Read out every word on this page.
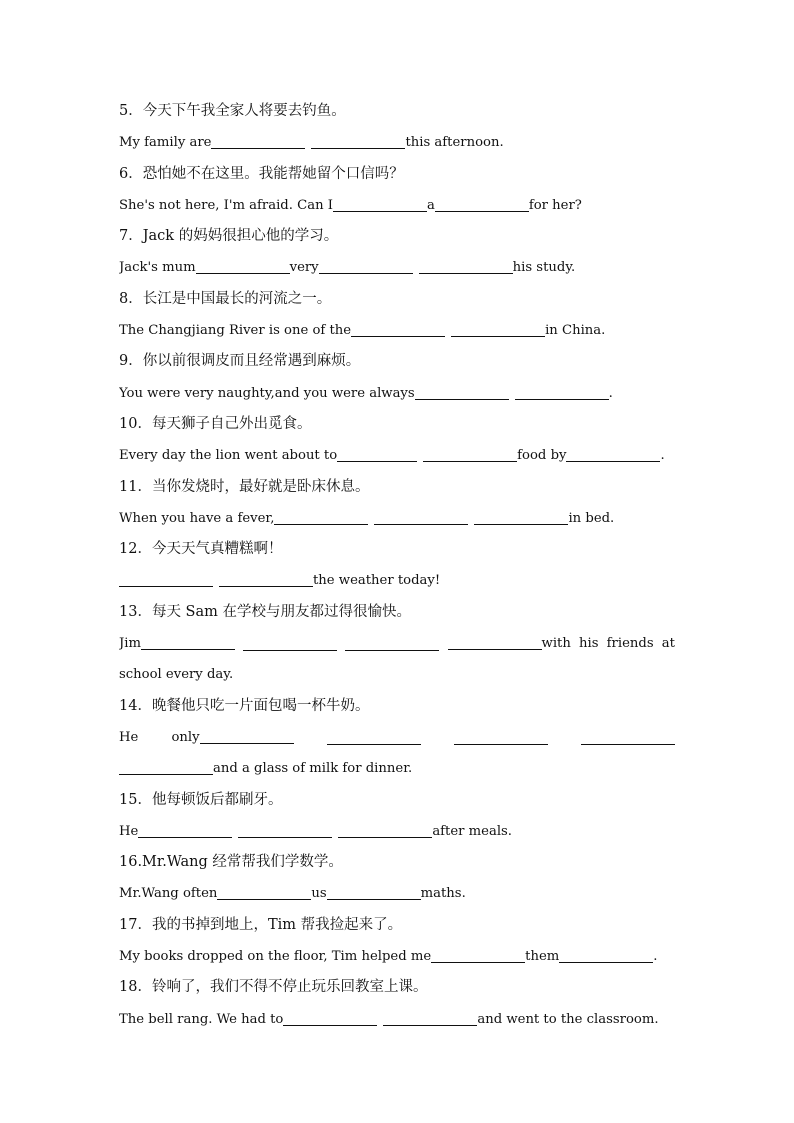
5．今天下午我全家人将要去钓鱼。
My family are	this afternoon.
6．恐怕她不在这里。我能帮她留个口信吗？
She's not here, I'm afraid. Can I	a	for her?
7．Jack 的妈妈很担心他的学习。
Jack's mum	very	his study.
8．长江是中国最长的河流之一。
The Changjiang River is one of the	in China.
9．你以前很调皮而且经常遇到麻烦。
You were very naughty,and you were always	.
10．每天狮子自己外出觅食。
Every day the lion went about to	food by	.
11．当你发烧时，最好就是卧床休息。
When you have a fever,	in bed.
12．今天天气真糟糕啊！
the weather today!
13．每天 Sam 在学校与朋友都过得很愉快。
Jim	with his friends at
school every day.
14．晚餐他只吃一片面包喝一杯牛奶。
He	only
and a glass of milk for dinner.
15．他每顿饭后都刷牙。
He	after meals.
16.Mr.Wang 经常帮我们学数学。
Mr.Wang often	us	maths.
17．我的书掉到地上，Tim 帮我捡起来了。
My books dropped on the floor, Tim helped me	them	.
18．铃响了，我们不得不停止玩乐回教室上课。
The bell rang. We had to	and went to the classroom.
